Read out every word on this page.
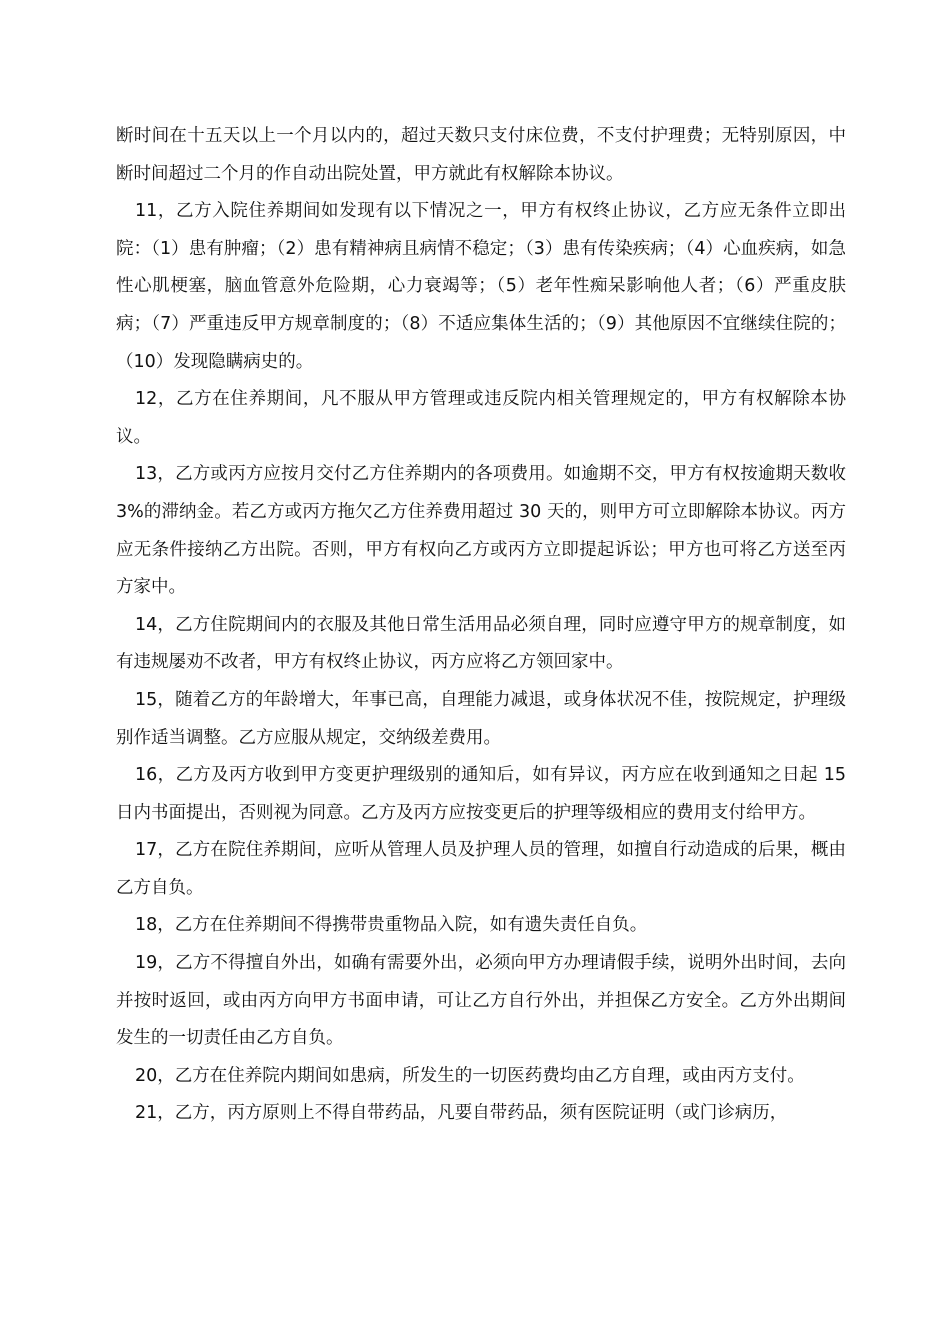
断时间在十五天以上一个月以内的，超过天数只支付床位费，不支付护理费；无特别原因，中断时间超过二个月的作自动出院处置，甲方就此有权解除本协议。

11，乙方入院住养期间如发现有以下情况之一，甲方有权终止协议，乙方应无条件立即出院：（1）患有肿瘤；（2）患有精神病且病情不稳定；（3）患有传染疾病；（4）心血疾病，如急性心肌梗塞，脑血管意外危险期，心力衰竭等；（5）老年性痴呆影响他人者；（6）严重皮肤病；（7）严重违反甲方规章制度的；（8）不适应集体生活的；（9）其他原因不宜继续住院的；（10）发现隐瞒病史的。

12，乙方在住养期间，凡不服从甲方管理或违反院内相关管理规定的，甲方有权解除本协议。

13，乙方或丙方应按月交付乙方住养期内的各项费用。如逾期不交，甲方有权按逾期天数收 3%的滞纳金。若乙方或丙方拖欠乙方住养费用超过 30 天的，则甲方可立即解除本协议。丙方应无条件接纳乙方出院。否则，甲方有权向乙方或丙方立即提起诉讼；甲方也可将乙方送至丙方家中。

14，乙方住院期间内的衣服及其他日常生活用品必须自理，同时应遵守甲方的规章制度，如有违规屡劝不改者，甲方有权终止协议，丙方应将乙方领回家中。

15，随着乙方的年龄增大，年事已高，自理能力减退，或身体状况不佳，按院规定，护理级别作适当调整。乙方应服从规定，交纳级差费用。

16，乙方及丙方收到甲方变更护理级别的通知后，如有异议，丙方应在收到通知之日起 15 日内书面提出，否则视为同意。乙方及丙方应按变更后的护理等级相应的费用支付给甲方。

17，乙方在院住养期间，应听从管理人员及护理人员的管理，如擅自行动造成的后果，概由乙方自负。

18，乙方在住养期间不得携带贵重物品入院，如有遗失责任自负。

19，乙方不得擅自外出，如确有需要外出，必须向甲方办理请假手续，说明外出时间，去向并按时返回，或由丙方向甲方书面申请，可让乙方自行外出，并担保乙方安全。乙方外出期间发生的一切责任由乙方自负。

20，乙方在住养院内期间如患病，所发生的一切医药费均由乙方自理，或由丙方支付。

21，乙方，丙方原则上不得自带药品，凡要自带药品，须有医院证明（或门诊病历，
